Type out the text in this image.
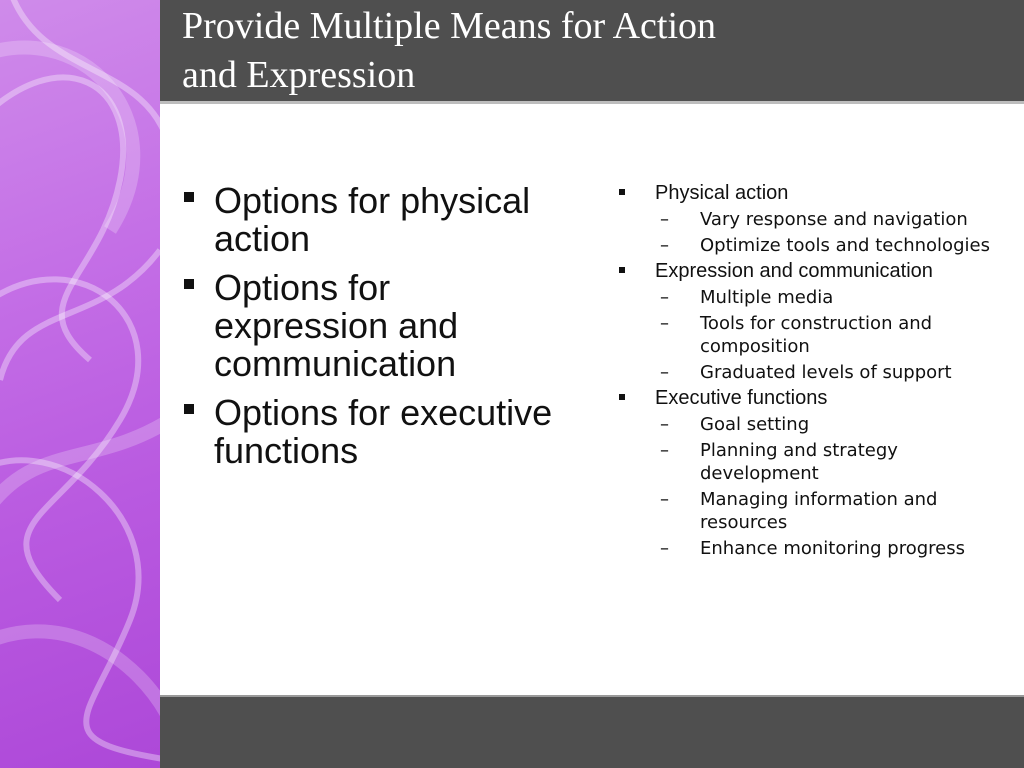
Provide Multiple Means for Action
and Expression
Options for physical action
Options for expression and communication
Options for executive functions
Physical action
–	Vary response and navigation
–	Optimize tools and technologies
Expression and communication
–	Multiple media
–	Tools for construction and composition
–	Graduated levels of support
Executive functions
–	Goal setting
–	Planning and strategy development
–	Managing information and resources
–	Enhance monitoring progress
